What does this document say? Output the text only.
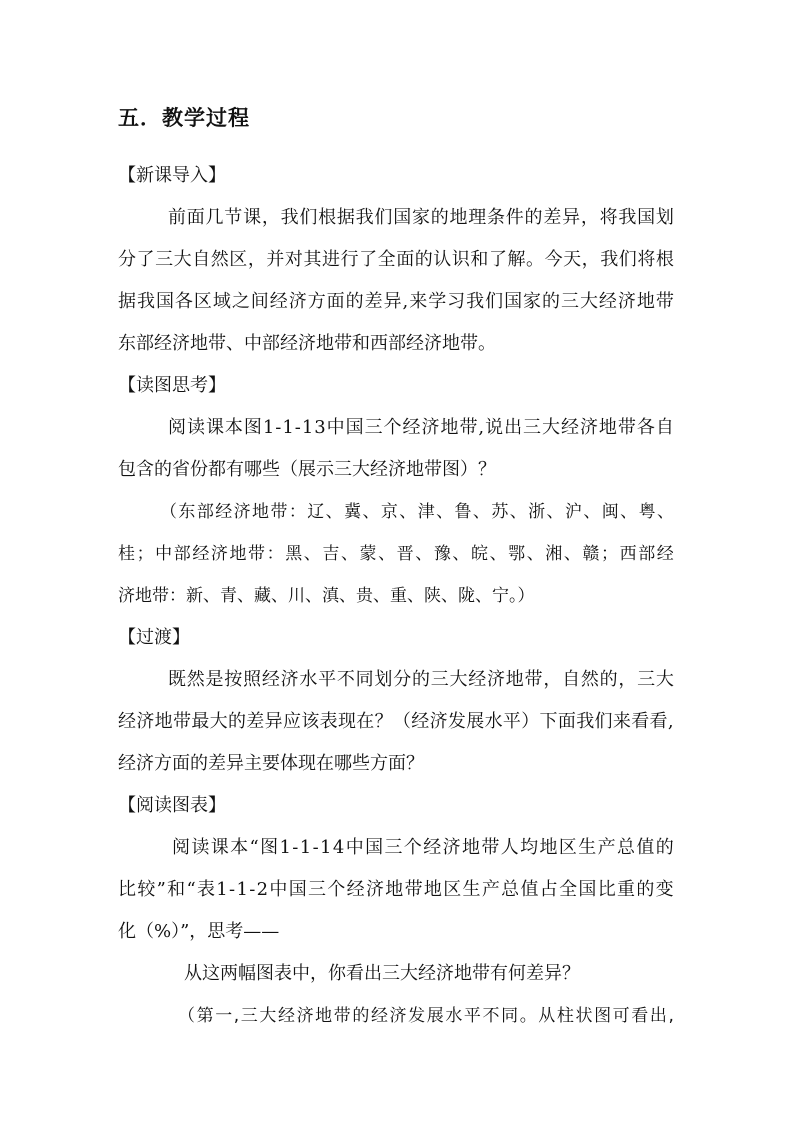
五．教学过程
【新课导入】
前 面 几 节 课 ， 我 们 根 据 我 们 国 家 的 地 理 条 件 的 差 异 ， 将 我 国 划
分 了 三 大 自 然 区 ， 并 对 其 进 行 了 全 面 的 认 识 和 了 解 。 今 天 ， 我 们 将 根
据 我 国 各 区 域 之 间 经 济 方 面 的 差 异 , 来 学 习 我 们 国 家 的 三 大 经 济 地 带
东部经济地带、中部经济地带和西部经济地带。
【读图思考】
阅 读 课 本 图 1 - 1 - 1 3 中 国 三 个 经 济 地 带 , 说 出 三 大 经 济 地 带 各 自
包含的省份都有哪些（展示三大经济地带图）？
（ 东 部 经 济 地 带 ： 辽 、 冀 、 京 、 津 、 鲁 、 苏 、 浙 、 沪 、 闽 、 粤 、
桂 ； 中 部 经 济 地 带 ： 黑 、 吉 、 蒙 、 晋 、 豫 、 皖 、 鄂 、 湘 、 赣 ； 西 部 经
济地带：新、青、藏、川、滇、贵、重、陕、陇、宁。）
【过渡】
既 然 是 按 照 经 济 水 平 不 同 划 分 的 三 大 经 济 地 带 ， 自 然 的 ， 三 大
经 济 地 带 最 大 的 差 异 应 该 表 现 在 ？ （ 经 济 发 展 水 平 ） 下 面 我 们 来 看 看 ,
经济方面的差异主要体现在哪些方面？
【阅读图表】
阅 读 课 本 “ 图 1 - 1 - 1 4 中 国 三 个 经 济 地 带 人 均 地 区 生 产 总 值 的
比 较 ” 和 “ 表 1 - 1 - 2 中 国 三 个 经 济 地 带 地 区 生 产 总 值 占 全 国 比 重 的 变
化（%）”，思考——
从这两幅图表中，你看出三大经济地带有何差异？
（ 第 一 , 三 大 经 济 地 带 的 经 济 发 展 水 平 不 同 。 从 柱 状 图 可 看 出 ,
